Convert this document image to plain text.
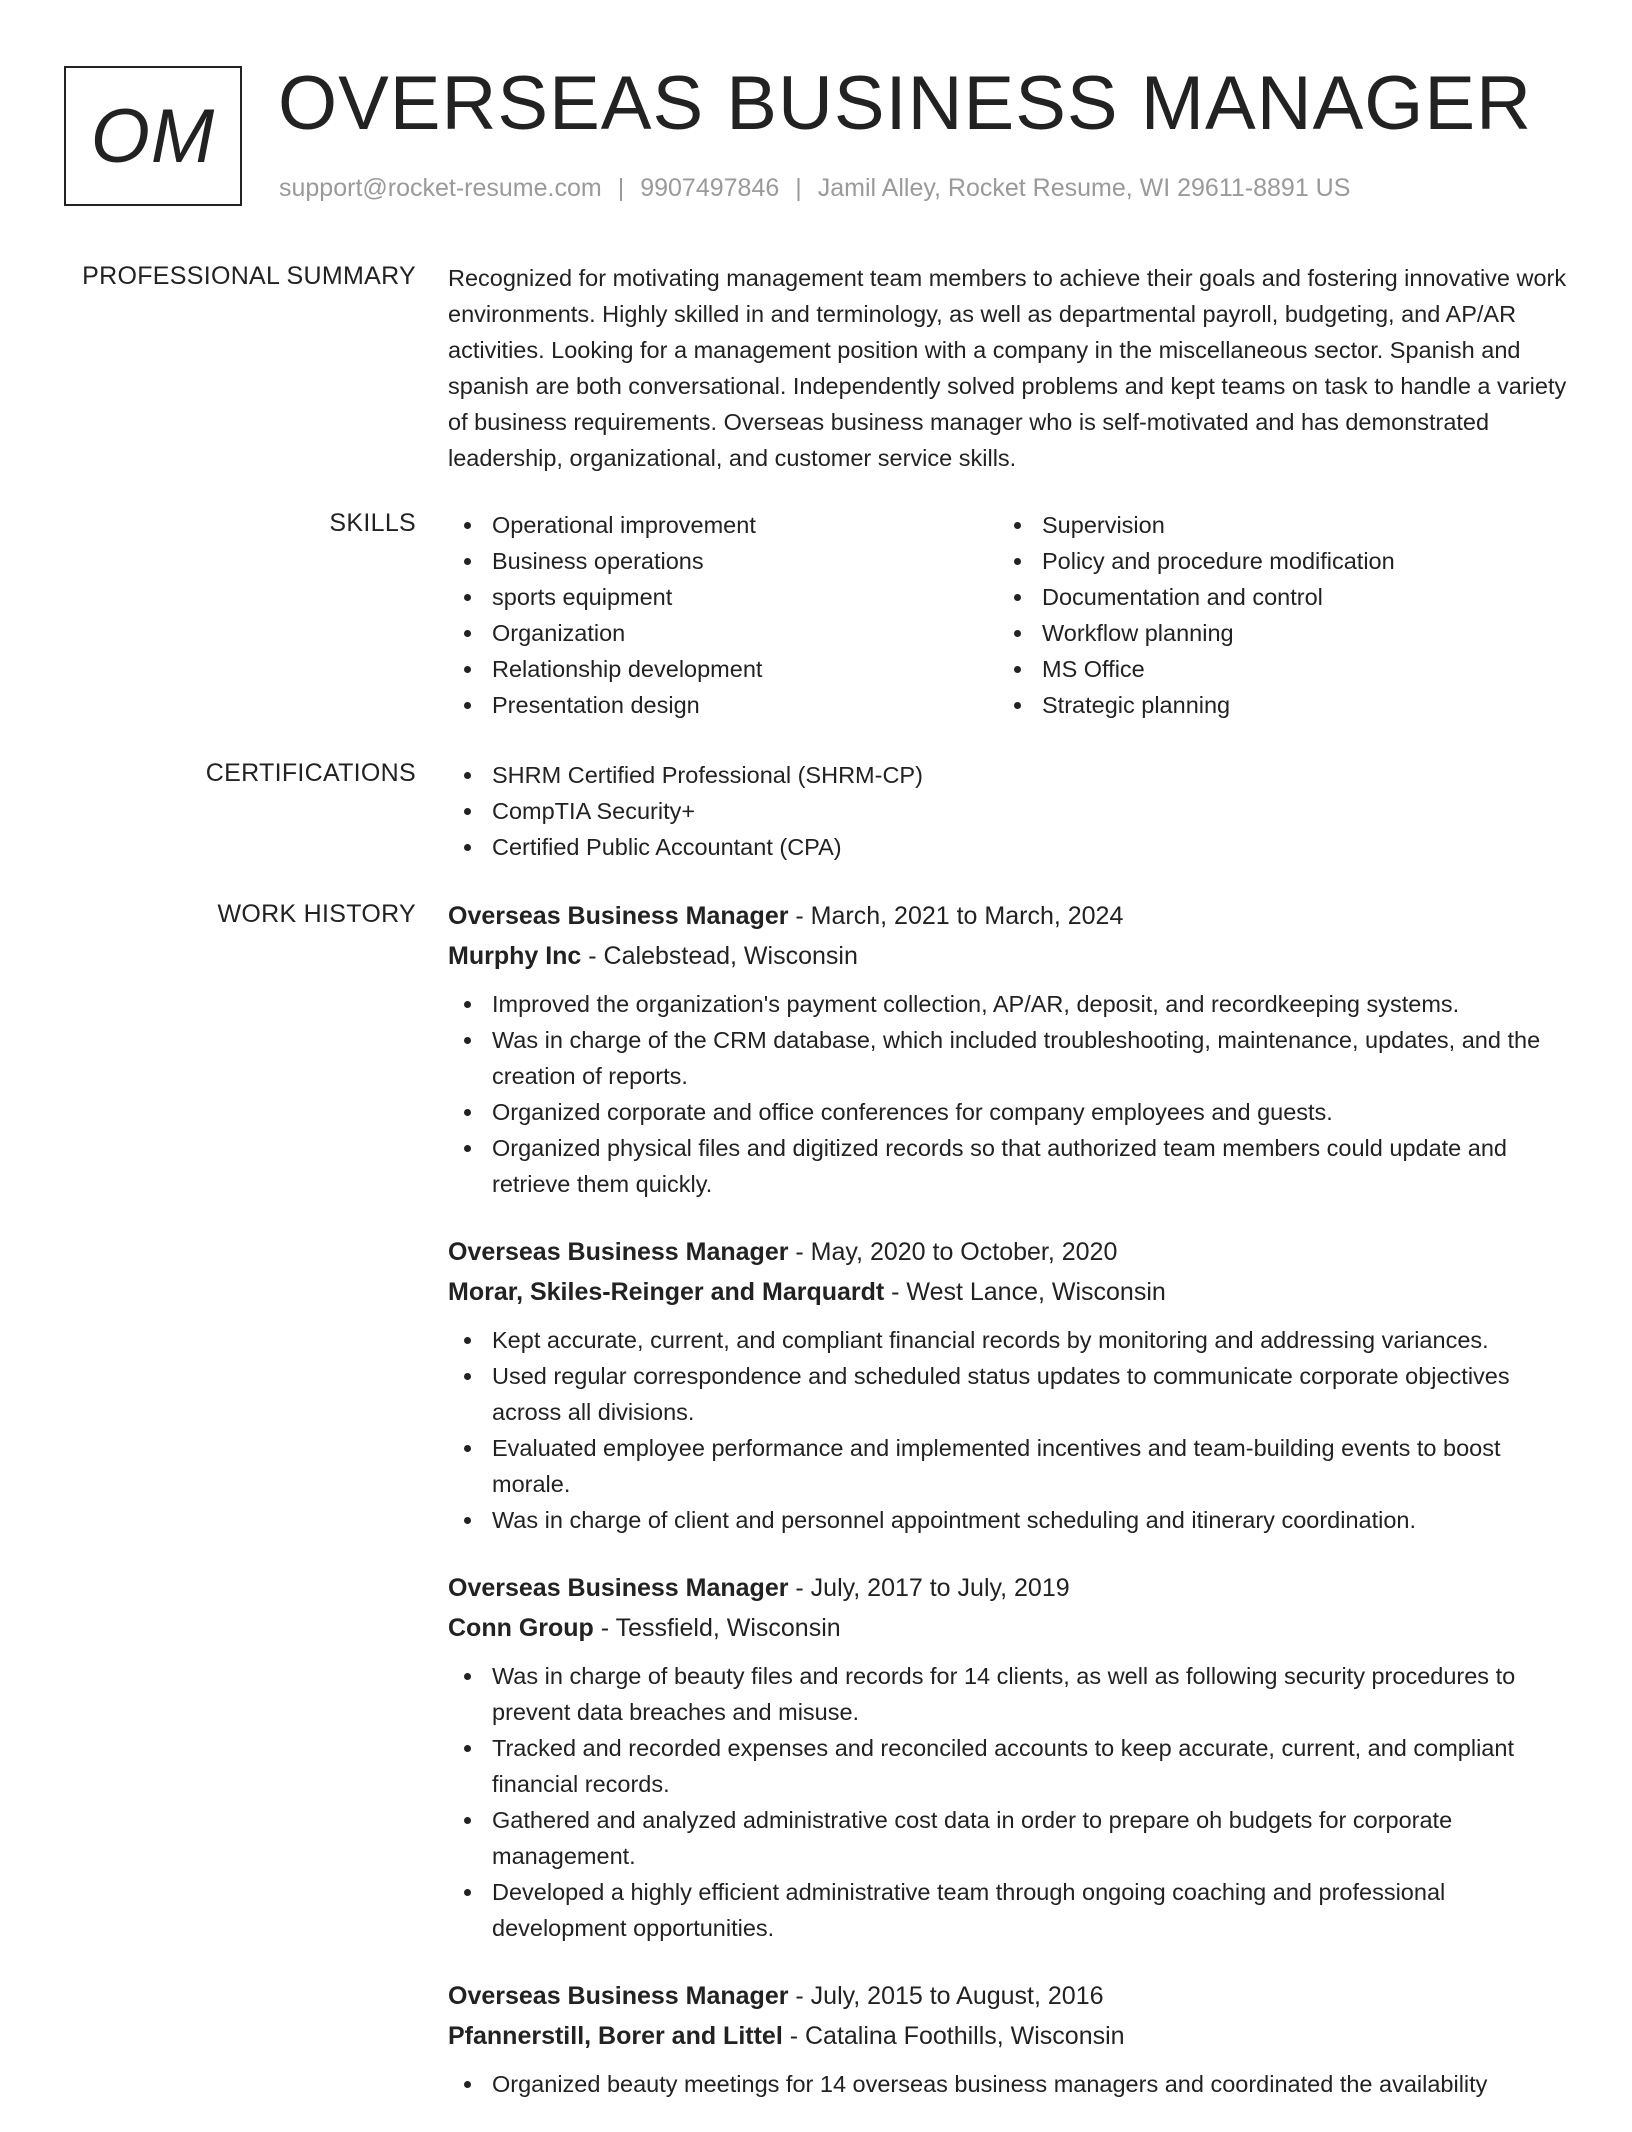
OM OVERSEAS BUSINESS MANAGER
support@rocket-resume.com | 9907497846 | Jamil Alley, Rocket Resume, WI 29611-8891 US
PROFESSIONAL SUMMARY Recognized for motivating management team members to achieve their goals and fostering innovative work environments. Highly skilled in and terminology, as well as departmental payroll, budgeting, and AP/AR activities. Looking for a management position with a company in the miscellaneous sector. Spanish and spanish are both conversational. Independently solved problems and kept teams on task to handle a variety of business requirements. Overseas business manager who is self-motivated and has demonstrated leadership, organizational, and customer service skills.

SKILLS	Operational improvement
Business operations
sports equipment
Organization
Relationship development
Presentation design
Supervision
Policy and procedure modification
Documentation and control
Workflow planning
MS Office
Strategic planning
CERTIFICATIONS	SHRM Certified Professional (SHRM-CP)
CompTIA Security+
Certified Public Accountant (CPA)
WORK HISTORY Overseas Business Manager - March, 2021 to March, 2024
Murphy Inc - Calebstead, Wisconsin
Improved the organization's payment collection, AP/AR, deposit, and recordkeeping systems.
Was in charge of the CRM database, which included troubleshooting, maintenance, updates, and the creation of reports.
Organized corporate and office conferences for company employees and guests.
Organized physical files and digitized records so that authorized team members could update and retrieve them quickly.
Overseas Business Manager - May, 2020 to October, 2020
Morar, Skiles-Reinger and Marquardt - West Lance, Wisconsin
Kept accurate, current, and compliant financial records by monitoring and addressing variances.
Used regular correspondence and scheduled status updates to communicate corporate objectives across all divisions.
Evaluated employee performance and implemented incentives and team-building events to boost morale.
Was in charge of client and personnel appointment scheduling and itinerary coordination.
Overseas Business Manager - July, 2017 to July, 2019
Conn Group - Tessfield, Wisconsin
Was in charge of beauty files and records for 14 clients, as well as following security procedures to prevent data breaches and misuse.
Tracked and recorded expenses and reconciled accounts to keep accurate, current, and compliant financial records.
Gathered and analyzed administrative cost data in order to prepare oh budgets for corporate management.
Developed a highly efficient administrative team through ongoing coaching and professional development opportunities.
Overseas Business Manager - July, 2015 to August, 2016
Pfannerstill, Borer and Littel - Catalina Foothills, Wisconsin
Organized beauty meetings for 14 overseas business managers and coordinated the availability
